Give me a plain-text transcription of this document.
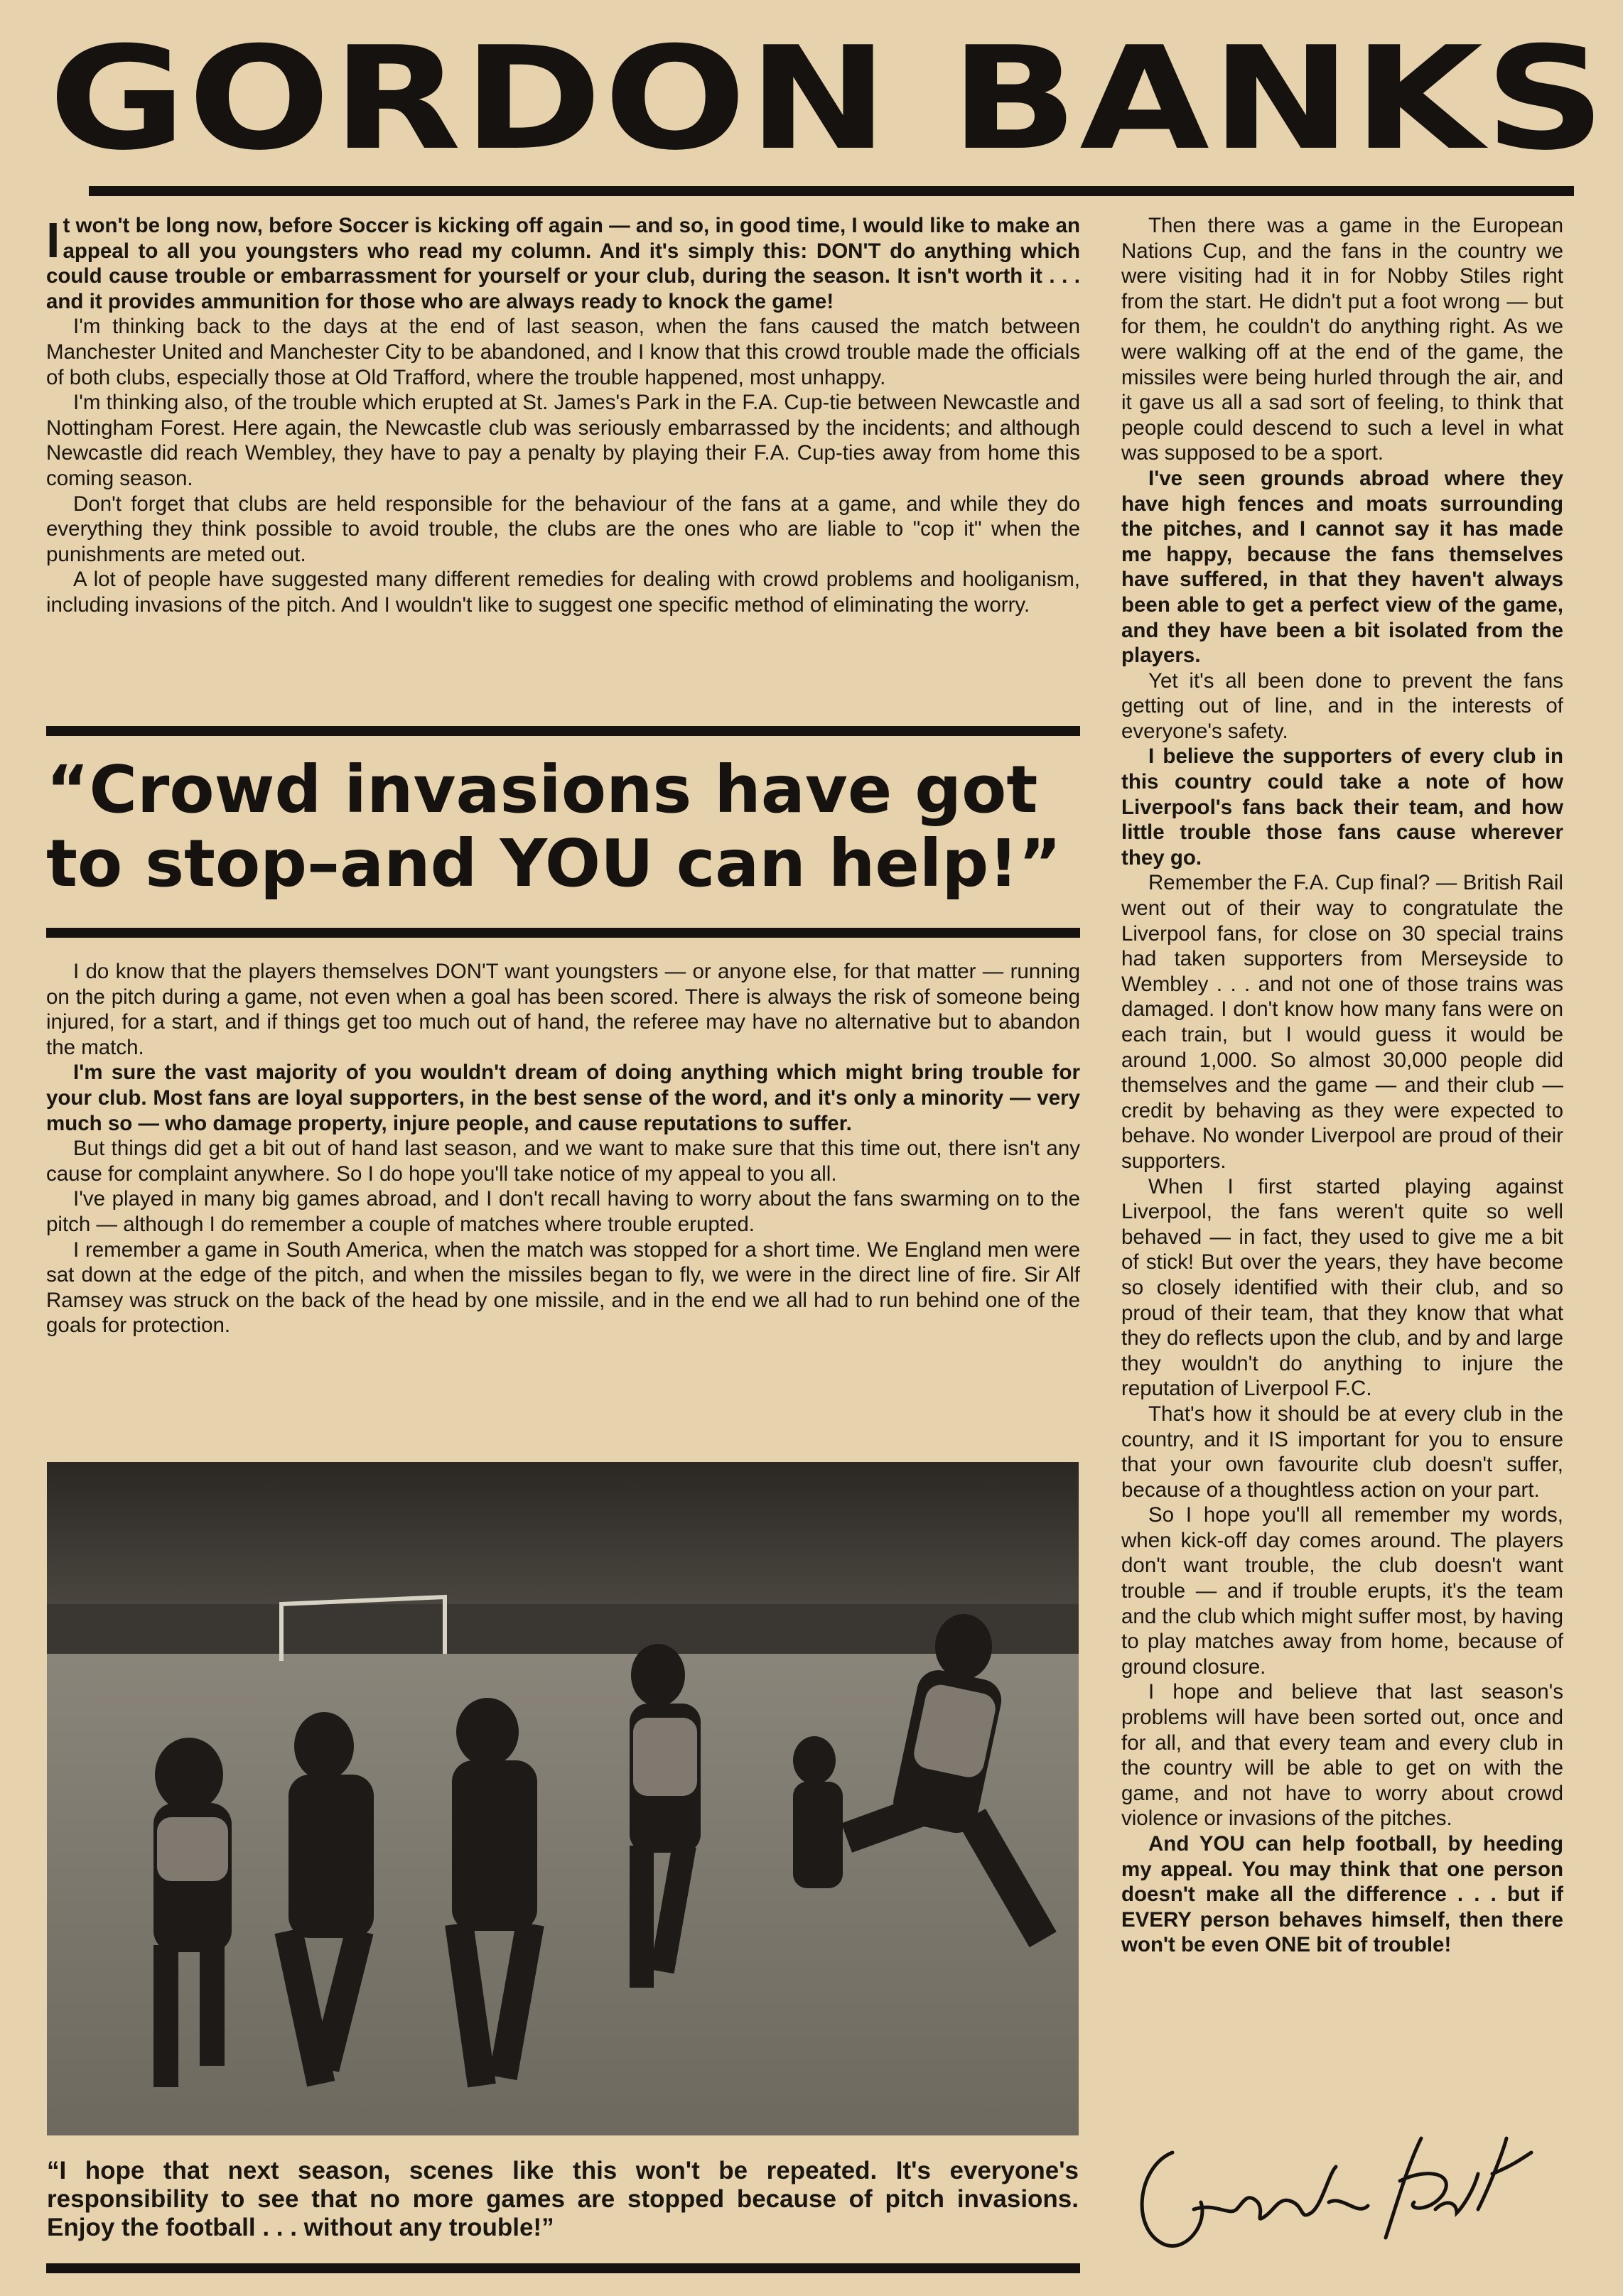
GORDON BANKS

It won't be long now, before Soccer is kicking off again — and so, in good time, I would like to make an appeal to all you youngsters who read my column. And it's simply this: DON'T do anything which could cause trouble or embarrassment for yourself or your club, during the season. It isn't worth it . . . and it provides ammunition for those who are always ready to knock the game!

I'm thinking back to the days at the end of last season, when the fans caused the match between Manchester United and Manchester City to be abandoned, and I know that this crowd trouble made the officials of both clubs, especially those at Old Trafford, where the trouble happened, most unhappy.

I'm thinking also, of the trouble which erupted at St. James's Park in the F.A. Cup-tie between Newcastle and Nottingham Forest. Here again, the Newcastle club was seriously embarrassed by the incidents; and although Newcastle did reach Wembley, they have to pay a penalty by playing their F.A. Cup-ties away from home this coming season.

Don't forget that clubs are held responsible for the behaviour of the fans at a game, and while they do everything they think possible to avoid trouble, the clubs are the ones who are liable to "cop it" when the punishments are meted out.

A lot of people have suggested many different remedies for dealing with crowd problems and hooliganism, including invasions of the pitch. And I wouldn't like to suggest one specific method of eliminating the worry.

“Crowd invasions have got
to stop–and YOU can help!”

I do know that the players themselves DON'T want youngsters — or anyone else, for that matter — running on the pitch during a game, not even when a goal has been scored. There is always the risk of someone being injured, for a start, and if things get too much out of hand, the referee may have no alternative but to abandon the match.

I'm sure the vast majority of you wouldn't dream of doing anything which might bring trouble for your club. Most fans are loyal supporters, in the best sense of the word, and it's only a minority — very much so — who damage property, injure people, and cause reputations to suffer.

But things did get a bit out of hand last season, and we want to make sure that this time out, there isn't any cause for complaint anywhere. So I do hope you'll take notice of my appeal to you all.

I've played in many big games abroad, and I don't recall having to worry about the fans swarming on to the pitch — although I do remember a couple of matches where trouble erupted.

I remember a game in South America, when the match was stopped for a short time. We England men were sat down at the edge of the pitch, and when the missiles began to fly, we were in the direct line of fire. Sir Alf Ramsey was struck on the back of the head by one missile, and in the end we all had to run behind one of the goals for protection.

“I hope that next season, scenes like this won't be repeated. It's everyone's responsibility to see that no more games are stopped because of pitch invasions. Enjoy the football . . . without any trouble!”

Then there was a game in the European Nations Cup, and the fans in the country we were visiting had it in for Nobby Stiles right from the start. He didn't put a foot wrong — but for them, he couldn't do anything right. As we were walking off at the end of the game, the missiles were being hurled through the air, and it gave us all a sad sort of feeling, to think that people could descend to such a level in what was supposed to be a sport.

I've seen grounds abroad where they have high fences and moats surrounding the pitches, and I cannot say it has made me happy, because the fans themselves have suffered, in that they haven't always been able to get a perfect view of the game, and they have been a bit isolated from the players.

Yet it's all been done to prevent the fans getting out of line, and in the interests of everyone's safety.

I believe the supporters of every club in this country could take a note of how Liverpool's fans back their team, and how little trouble those fans cause wherever they go.

Remember the F.A. Cup final? — British Rail went out of their way to congratulate the Liverpool fans, for close on 30 special trains had taken supporters from Merseyside to Wembley . . . and not one of those trains was damaged. I don't know how many fans were on each train, but I would guess it would be around 1,000. So almost 30,000 people did themselves and the game — and their club — credit by behaving as they were expected to behave. No wonder Liverpool are proud of their supporters.

When I first started playing against Liverpool, the fans weren't quite so well behaved — in fact, they used to give me a bit of stick! But over the years, they have become so closely identified with their club, and so proud of their team, that they know that what they do reflects upon the club, and by and large they wouldn't do anything to injure the reputation of Liverpool F.C.

That's how it should be at every club in the country, and it IS important for you to ensure that your own favourite club doesn't suffer, because of a thoughtless action on your part.

So I hope you'll all remember my words, when kick-off day comes around. The players don't want trouble, the club doesn't want trouble — and if trouble erupts, it's the team and the club which might suffer most, by having to play matches away from home, because of ground closure.

I hope and believe that last season's problems will have been sorted out, once and for all, and that every team and every club in the country will be able to get on with the game, and not have to worry about crowd violence or invasions of the pitches.

And YOU can help football, by heeding my appeal. You may think that one person doesn't make all the difference . . . but if EVERY person behaves himself, then there won't be even ONE bit of trouble!
